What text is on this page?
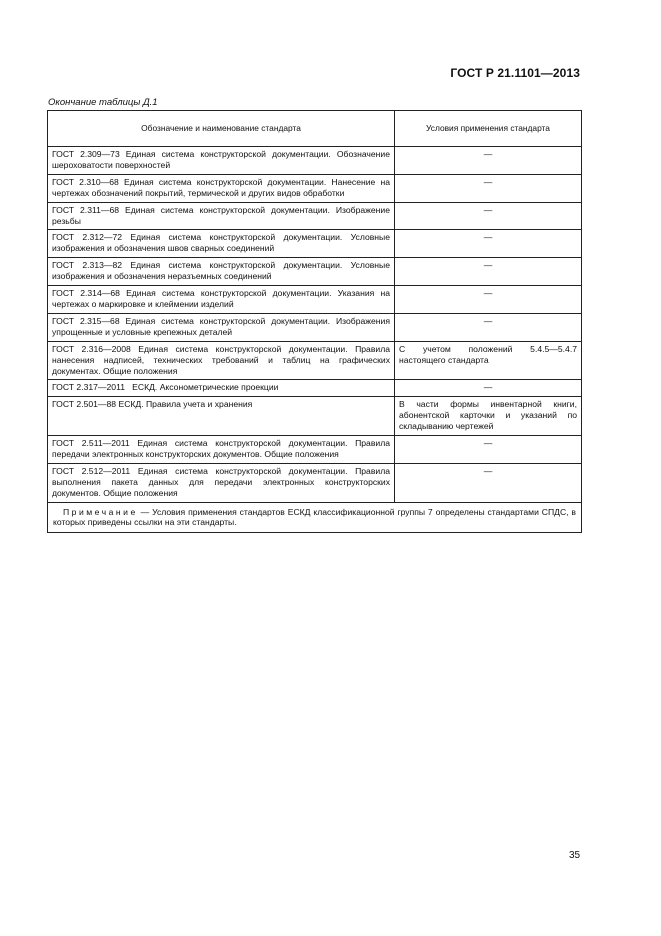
ГОСТ Р 21.1101—2013
Окончание таблицы Д.1
Обозначение и наименование стандарта	Условия применения стандарта
ГОСТ 2.309—73 Единая система конструкторской документации. Обозначение шероховатости поверхностей	—
ГОСТ 2.310—68 Единая система конструкторской документации. Нанесение на чертежах обозначений покрытий, термической и других видов обработки	—
ГОСТ 2.311—68 Единая система конструкторской документации. Изображение резьбы	—
ГОСТ 2.312—72 Единая система конструкторской документации. Условные изображения и обозначения швов сварных соединений	—
ГОСТ 2.313—82 Единая система конструкторской документации. Условные изображения и обозначения неразъемных соединений	—
ГОСТ 2.314—68 Единая система конструкторской документации. Указания на чертежах о маркировке и клеймении изделий	—
ГОСТ 2.315—68 Единая система конструкторской документации. Изображения упрощенные и условные крепежных деталей	—
ГОСТ 2.316—2008 Единая система конструкторской документации. Правила нанесения надписей, технических требований и таблиц на графических документах. Общие положения	С учетом положений 5.4.5—5.4.7 настоящего стандарта
ГОСТ 2.317—2011   ЕСКД. Аксонометрические проекции	—
ГОСТ 2.501—88 ЕСКД. Правила учета и хранения	В части формы инвентарной книги, абонентской карточки и указаний по складыванию чертежей
ГОСТ 2.511—2011 Единая система конструкторской документации. Правила передачи электронных конструкторских документов. Общие положения	—
ГОСТ 2.512—2011 Единая система конструкторской документации. Правила выполнения пакета данных для передачи электронных конструкторских документов. Общие положения	—
Примечание — Условия применения стандартов ЕСКД классификационной группы 7 определены стандартами СПДС, в которых приведены ссылки на эти стандарты.	
35
